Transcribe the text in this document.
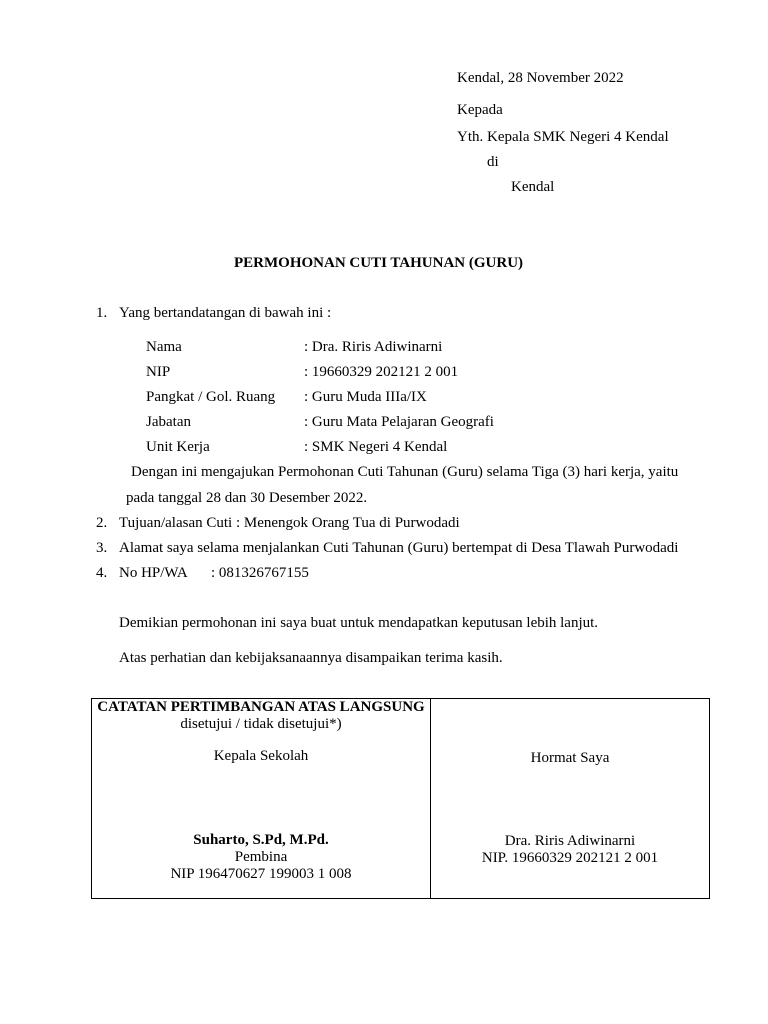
Kendal, 28 November 2022
Kepada
Yth. Kepala SMK Negeri 4 Kendal
di
Kendal
PERMOHONAN CUTI TAHUNAN (GURU)
1. Yang bertandatangan di bawah ini :
Nama	: Dra. Riris Adiwinarni
NIP	: 19660329 202121 2 001
Pangkat / Gol. Ruang : Guru Muda IIIa/IX
Jabatan	: Guru Mata Pelajaran Geografi
Unit Kerja	: SMK Negeri 4 Kendal
Dengan ini mengajukan Permohonan Cuti Tahunan (Guru) selama Tiga (3) hari kerja, yaitu
pada tanggal 28 dan 30 Desember 2022.
2. Tujuan/alasan Cuti : Menengok Orang Tua di Purwodadi
3. Alamat saya selama menjalankan Cuti Tahunan (Guru) bertempat di Desa Tlawah Purwodadi
4. No HP/WA : 081326767155
Demikian permohonan ini saya buat untuk mendapatkan keputusan lebih lanjut.
Atas perhatian dan kebijaksanaannya disampaikan terima kasih.
CATATAN PERTIMBANGAN ATAS LANGSUNG
disetujui / tidak disetujui*)
Kepala Sekolah
Suharto, S.Pd, M.Pd.
Pembina
NIP 196470627 199003 1 008
Hormat Saya
Dra. Riris Adiwinarni
NIP. 19660329 202121 2 001
